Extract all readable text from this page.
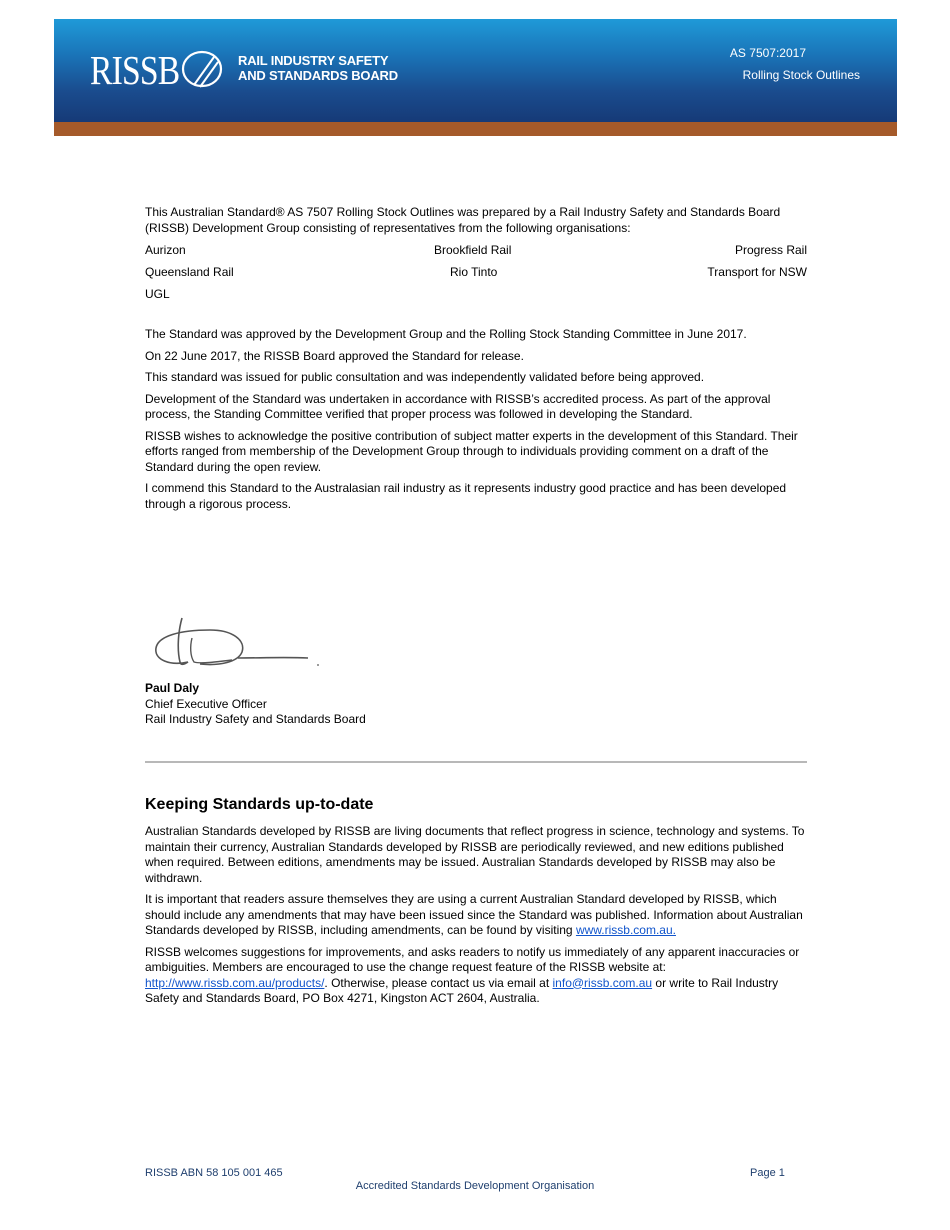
RISSB	RAIL INDUSTRY SAFETY
AND STANDARDS BOARD
AS 7507:2017
Rolling Stock Outlines

This Australian Standard® AS 7507 Rolling Stock Outlines was prepared by a Rail Industry Safety and Standards Board (RISSB) Development Group consisting of representatives from the following organisations:

Aurizon	Brookfield Rail	Progress Rail
Queensland Rail	Rio Tinto	Transport for NSW
UGL

The Standard was approved by the Development Group and the Rolling Stock Standing Committee in June 2017.

On 22 June 2017, the RISSB Board approved the Standard for release.

This standard was issued for public consultation and was independently validated before being approved.

Development of the Standard was undertaken in accordance with RISSB’s accredited process. As part of the approval process, the Standing Committee verified that proper process was followed in developing the Standard.

RISSB wishes to acknowledge the positive contribution of subject matter experts in the development of this Standard. Their efforts ranged from membership of the Development Group through to individuals providing comment on a draft of the Standard during the open review.

I commend this Standard to the Australasian rail industry as it represents industry good practice and has been developed through a rigorous process.

Paul Daly

Chief Executive Officer

Rail Industry Safety and Standards Board

Keeping Standards up-to-date

Australian Standards developed by RISSB are living documents that reflect progress in science, technology and systems. To maintain their currency, Australian Standards developed by RISSB are periodically reviewed, and new editions published when required. Between editions, amendments may be issued. Australian Standards developed by RISSB may also be withdrawn.

It is important that readers assure themselves they are using a current Australian Standard developed by RISSB, which should include any amendments that may have been issued since the Standard was published. Information about Australian Standards developed by RISSB, including amendments, can be found by visiting www.rissb.com.au.

RISSB welcomes suggestions for improvements, and asks readers to notify us immediately of any apparent inaccuracies or ambiguities. Members are encouraged to use the change request feature of the RISSB website at: http://www.rissb.com.au/products/. Otherwise, please contact us via email at info@rissb.com.au or write to Rail Industry Safety and Standards Board, PO Box 4271, Kingston ACT 2604, Australia.

RISSB ABN 58 105 001 465	Page 1
Accredited Standards Development Organisation
